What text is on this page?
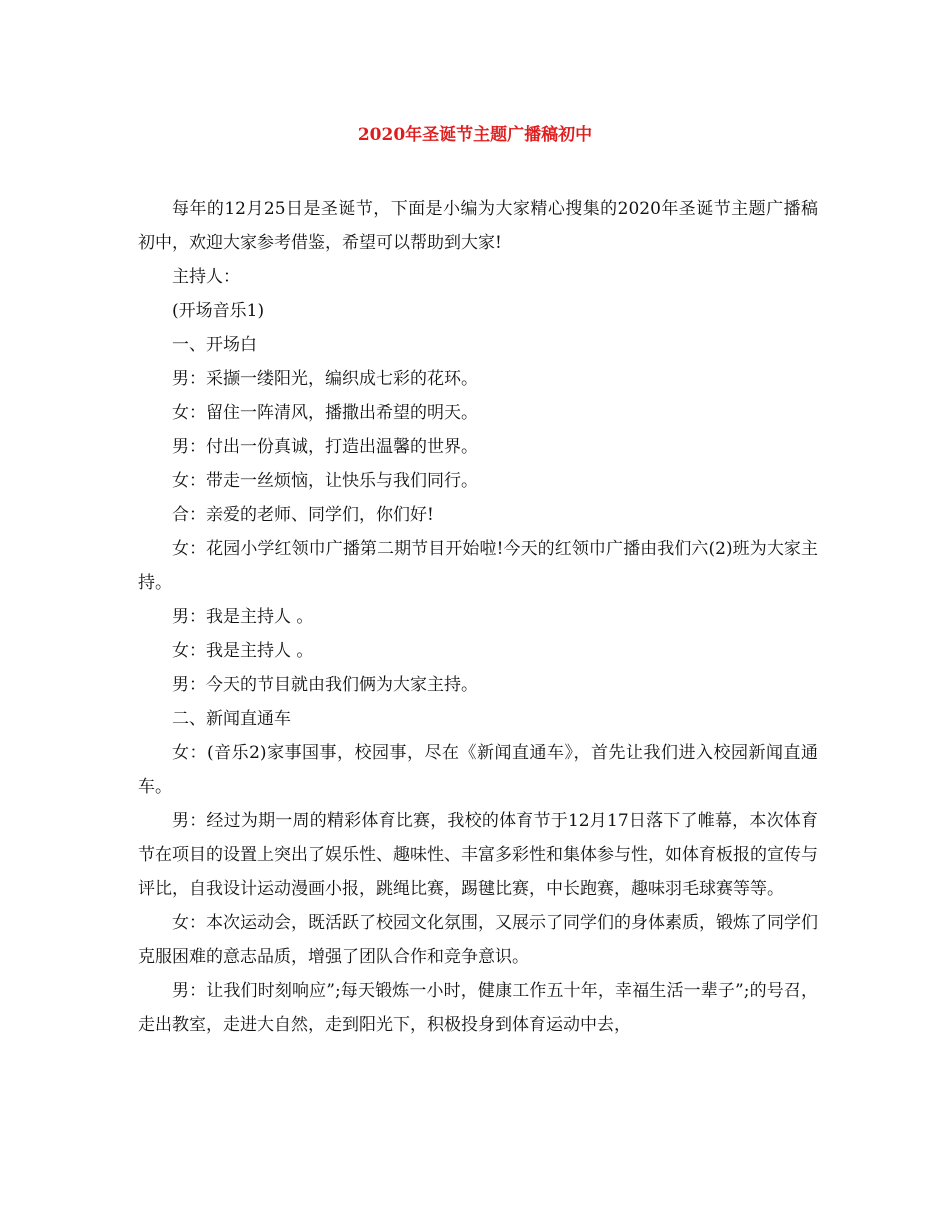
2020年圣诞节主题广播稿初中

每年的12月25日是圣诞节，下面是小编为大家精心搜集的2020年圣诞节主题广播稿初中，欢迎大家参考借鉴，希望可以帮助到大家!

主持人：

(开场音乐1)

一、开场白

男：采撷一缕阳光，编织成七彩的花环。

女：留住一阵清风，播撒出希望的明天。

男：付出一份真诚，打造出温馨的世界。

女：带走一丝烦恼，让快乐与我们同行。

合：亲爱的老师、同学们，你们好!

女：花园小学红领巾广播第二期节目开始啦!今天的红领巾广播由我们六(2)班为大家主持。

男：我是主持人 。

女：我是主持人 。

男：今天的节目就由我们俩为大家主持。

二、新闻直通车

女：(音乐2)家事国事，校园事，尽在《新闻直通车》，首先让我们进入校园新闻直通车。

男：经过为期一周的精彩体育比赛，我校的体育节于12月17日落下了帷幕，本次体育节在项目的设置上突出了娱乐性、趣味性、丰富多彩性和集体参与性，如体育板报的宣传与评比，自我设计运动漫画小报，跳绳比赛，踢毽比赛，中长跑赛，趣味羽毛球赛等等。

女：本次运动会，既活跃了校园文化氛围，又展示了同学们的身体素质，锻炼了同学们克服困难的意志品质，增强了团队合作和竞争意识。

男：让我们时刻响应”;每天锻炼一小时，健康工作五十年，幸福生活一辈子”;的号召，走出教室，走进大自然，走到阳光下，积极投身到体育运动中去，
